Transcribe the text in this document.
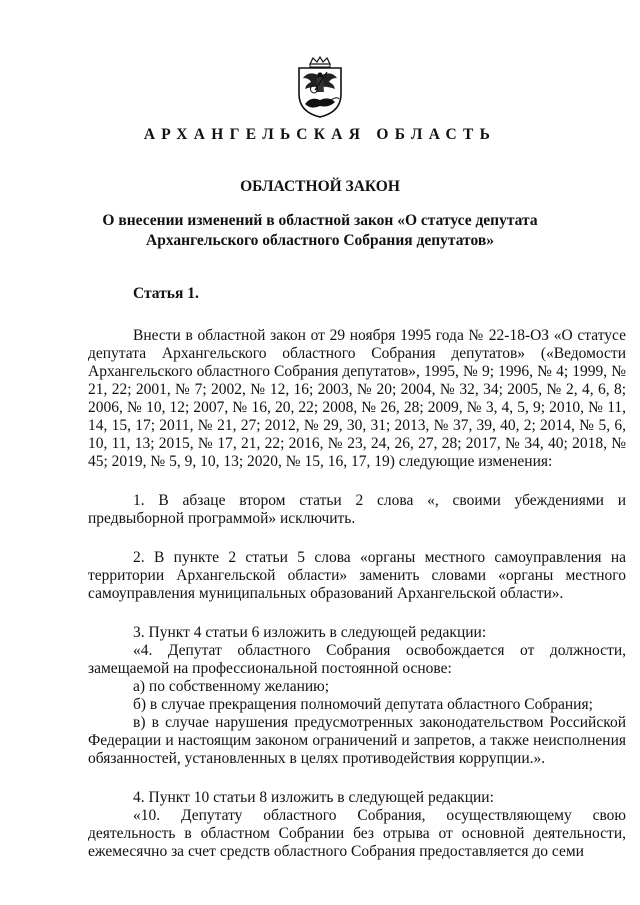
АРХАНГЕЛЬСКАЯ ОБЛАСТЬ
ОБЛАСТНОЙ ЗАКОН
О внесении изменений в областной закон «О статусе депутата
Архангельского областного Собрания депутатов»

Статья 1.

Внести в областной закон от 29 ноября 1995 года № 22-18-ОЗ «О статусе депутата Архангельского областного Собрания депутатов» («Ведомости Архангельского областного Собрания депутатов», 1995, № 9; 1996, № 4; 1999, № 21, 22; 2001, № 7; 2002, № 12, 16; 2003, № 20; 2004, № 32, 34; 2005, № 2, 4, 6, 8; 2006, № 10, 12; 2007, № 16, 20, 22; 2008, № 26, 28; 2009, № 3, 4, 5, 9; 2010, № 11, 14, 15, 17; 2011, № 21, 27; 2012, № 29, 30, 31; 2013, № 37, 39, 40, 2; 2014, № 5, 6, 10, 11, 13; 2015, № 17, 21, 22; 2016, № 23, 24, 26, 27, 28; 2017, № 34, 40; 2018, № 45; 2019, № 5, 9, 10, 13; 2020, № 15, 16, 17, 19) следующие изменения:

1. В абзаце втором статьи 2 слова «, своими убеждениями и предвыборной программой» исключить.

2. В пункте 2 статьи 5 слова «органы местного самоуправления на территории Архангельской области» заменить словами «органы местного самоуправления муниципальных образований Архангельской области».

3. Пункт 4 статьи 6 изложить в следующей редакции:

«4. Депутат областного Собрания освобождается от должности, замещаемой на профессиональной постоянной основе:

а) по собственному желанию;

б) в случае прекращения полномочий депутата областного Собрания;

в) в случае нарушения предусмотренных законодательством Российской Федерации и настоящим законом ограничений и запретов, а также неисполнения обязанностей, установленных в целях противодействия коррупции.».

4. Пункт 10 статьи 8 изложить в следующей редакции:

«10. Депутату областного Собрания, осуществляющему свою деятельность в областном Собрании без отрыва от основной деятельности, ежемесячно за счет средств областного Собрания предоставляется до семи
